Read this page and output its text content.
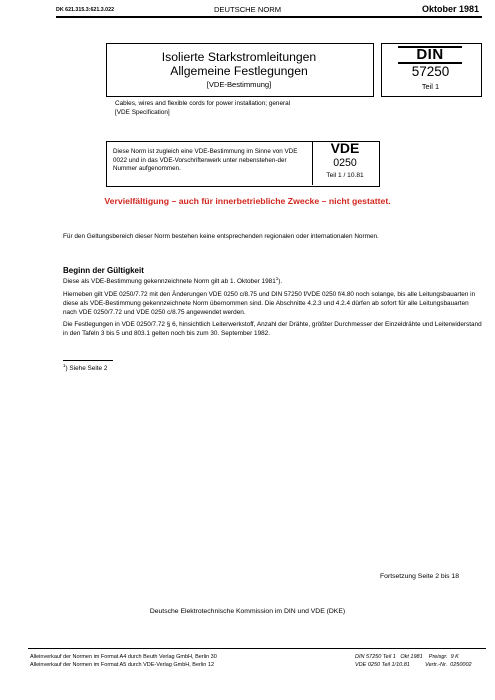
DK 621.315.3:621.3.022	DEUTSCHE NORM	Oktober 1981
Isolierte Starkstromleitungen
Allgemeine Festlegungen
[VDE-Bestimmung]
DIN
57250
Teil 1
Cables, wires and flexible cords for power installation; general
[VDE Specification]
Diese Norm ist zugleich eine VDE-Bestimmung im Sinne von VDE 0022 und in das VDE-Vorschriftenwerk unter nebenstehen-der Nummer aufgenommen.
VDE
0250
Teil 1 / 10.81
Vervielfältigung – auch für innerbetriebliche Zwecke – nicht gestattet.
Für den Geltungsbereich dieser Norm bestehen keine entsprechenden regionalen oder internationalen Normen.
Beginn der Gültigkeit
Diese als VDE-Bestimmung gekennzeichnete Norm gilt ab 1. Oktober 1981$^1$).
Hierneben gilt VDE 0250/7.72 mit den Änderungen VDE 0250 c/8.75 und DIN 57250 f/VDE 0250 f/4.80 noch solange, bis alle Leitungsbauarten in diese als VDE-Bestimmung gekennzeichnete Norm übernommen sind. Die Abschnitte 4.2.3 und 4.2.4 dürfen ab sofort für alle Leitungsbauarten nach VDE 0250/7.72 und VDE 0250 c/8.75 angewendet werden.
Die Festlegungen in VDE 0250/7.72 § 6, hinsichtlich Leiterwerkstoff, Anzahl der Drähte, größter Durchmesser der Einzeldrähte und Leiterwiderstand in den Tafeln 3 bis 5 und 803.1 gelten noch bis zum 30. September 1982.
$^1$) Siehe Seite 2
Fortsetzung Seite 2 bis 18
Deutsche Elektrotechnische Kommission im DIN und VDE (DKE)
Alleinverkauf der Normen im Format A4 durch Beuth Verlag GmbH, Berlin 30
Alleinverkauf der Normen im Format A5 durch VDE-Verlag GmbH, Berlin 12
DIN 57250 Teil 1   Okt 1981    Preisgr.  9 K
VDE 0250 Teil 1/10.81          Vertr.-Nr.  0250002
